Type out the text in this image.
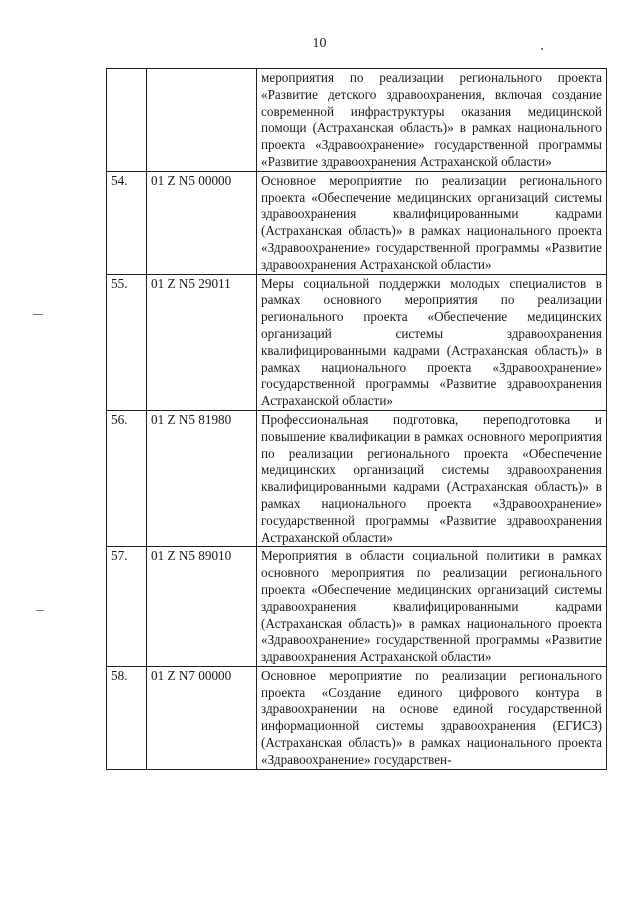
10
		мероприятия по реализации регионального проекта «Развитие детского здравоохранения, включая создание современной инфраструктуры оказания медицинской помощи (Астраханская область)» в рамках национального проекта «Здравоохранение» государственной программы «Развитие здравоохранения Астраханской области»
54.	01 Z N5 00000	Основное мероприятие по реализации регионального проекта «Обеспечение медицинских организаций системы здравоохранения квалифицированными кадрами (Астраханская область)» в рамках национального проекта «Здравоохранение» государственной программы «Развитие здравоохранения Астраханской области»
55.	01 Z N5 29011	Меры социальной поддержки молодых специалистов в рамках основного мероприятия по реализации регионального проекта «Обеспечение медицинских организаций системы здравоохранения квалифицированными кадрами (Астраханская область)» в рамках национального проекта «Здравоохранение» государственной программы «Развитие здравоохранения Астраханской области»
56.	01 Z N5 81980	Профессиональная подготовка, переподготовка и повышение квалификации в рамках основного мероприятия по реализации регионального проекта «Обеспечение медицинских организаций системы здравоохранения квалифицированными кадрами (Астраханская область)» в рамках национального проекта «Здравоохранение» государственной программы «Развитие здравоохранения Астраханской области»
57.	01 Z N5 89010	Мероприятия в области социальной политики в рамках основного мероприятия по реализации регионального проекта «Обеспечение медицинских организаций системы здравоохранения квалифицированными кадрами (Астраханская область)» в рамках национального проекта «Здравоохранение» государственной программы «Развитие здравоохранения Астраханской области»
58.	01 Z N7 00000	Основное мероприятие по реализации регионального проекта «Создание единого цифрового контура в здравоохранении на основе единой государственной информационной системы здравоохранения (ЕГИСЗ) (Астраханская область)» в рамках национального проекта «Здравоохранение» государствен-
